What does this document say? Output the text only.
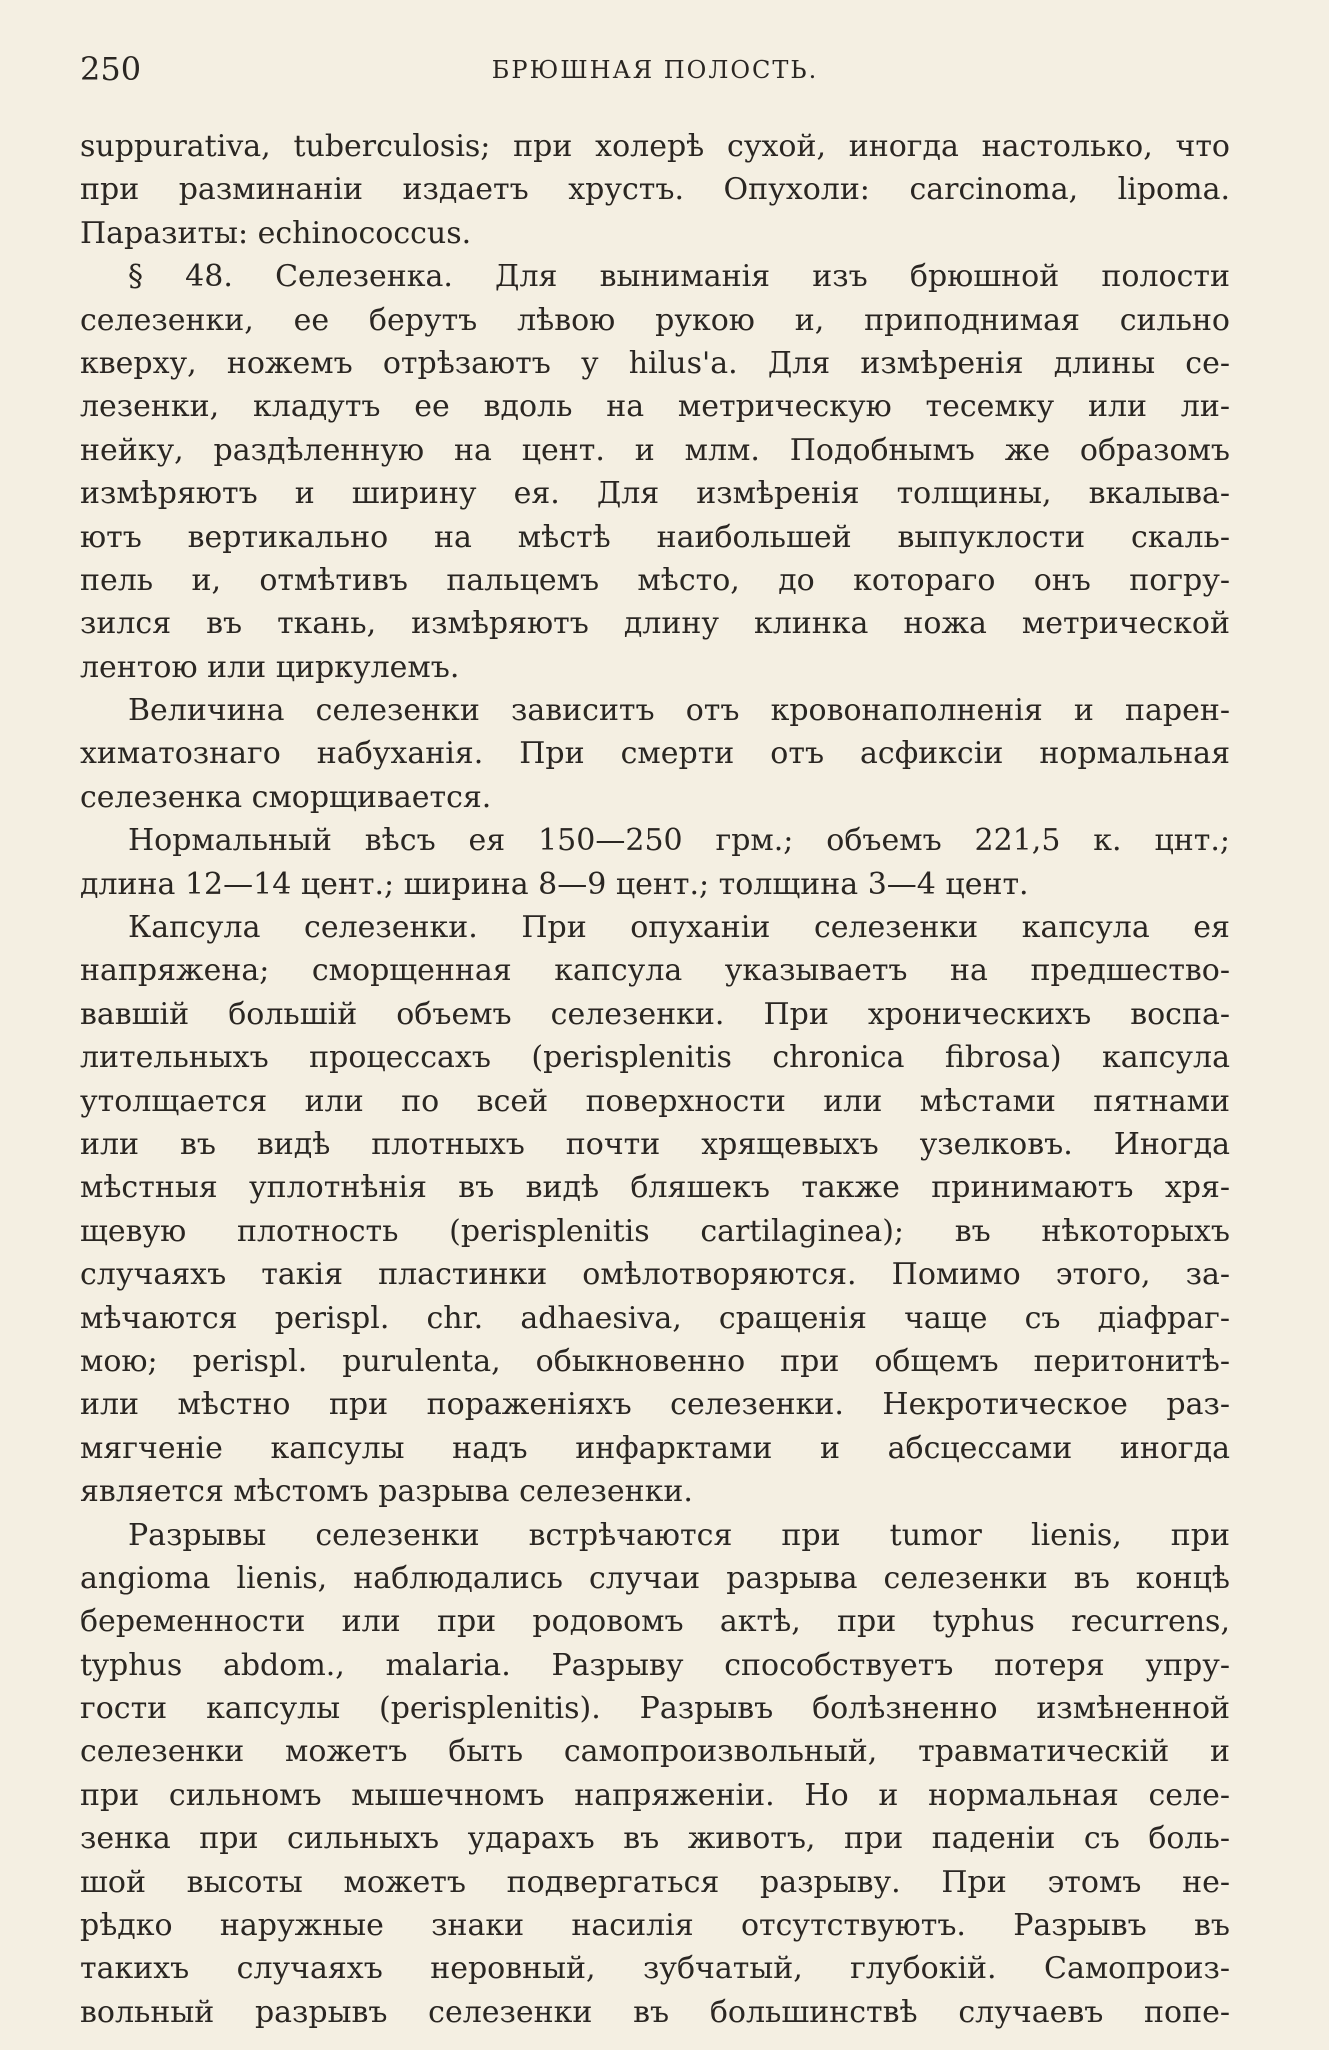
250	БРЮШНАЯ ПОЛОСТЬ.
suppurativa, tuberculosis; при холерѣ сухой, иногда настолько, что
при разминанiи издаетъ хрустъ. Опухоли: carcinoma, lipoma.
Паразиты: echinococcus.
§ 48. Селезенка. Для выниманiя изъ брюшной полости
селезенки, ее берутъ лѣвою рукою и, приподнимая сильно
кверху, ножемъ отрѣзаютъ у hilus'a. Для измѣренiя длины се-
лезенки, кладутъ ее вдоль на метрическую тесемку или ли-
нейку, раздѣленную на цент. и млм. Подобнымъ же образомъ
измѣряютъ и ширину ея. Для измѣренiя толщины, вкалыва-
ютъ вертикально на мѣстѣ наибольшей выпуклости скаль-
пель и, отмѣтивъ пальцемъ мѣсто, до котораго онъ погру-
зился въ ткань, измѣряютъ длину клинка ножа метрической
лентою или циркулемъ.
Величина селезенки зависитъ отъ кровонаполненiя и парен-
химатознаго набуханiя. При смерти отъ асфиксiи нормальная
селезенка сморщивается.
Нормальный вѣсъ ея 150—250 грм.; объемъ 221,5 к. цнт.;
длина 12—14 цент.; ширина 8—9 цент.; толщина 3—4 цент.
Капсула селезенки. При опуханiи селезенки капсула ея
напряжена; сморщенная капсула указываетъ на предшество-
вавшiй большiй объемъ селезенки. При хроническихъ воспа-
лительныхъ процессахъ (perisplenitis chronica fibrosa) капсула
утолщается или по всей поверхности или мѣстами пятнами
или въ видѣ плотныхъ почти хрящевыхъ узелковъ. Иногда
мѣстныя уплотнѣнiя въ видѣ бляшекъ также принимаютъ хря-
щевую плотность (perisplenitis cartilaginea); въ нѣкоторыхъ
случаяхъ такiя пластинки омѣлотворяются. Помимо этого, за-
мѣчаются perispl. chr. adhaesiva, сращенiя чаще съ дiафраг-
мою; perispl. purulenta, обыкновенно при общемъ перитонитѣ-
или мѣстно при пораженiяхъ селезенки. Некротическое раз-
мягченiе капсулы надъ инфарктами и абсцессами иногда
является мѣстомъ разрыва селезенки.
Разрывы селезенки встрѣчаются при tumor lienis, при
angioma lienis, наблюдались случаи разрыва селезенки въ концѣ
беременности или при родовомъ актѣ, при typhus recurrens,
typhus abdom., malaria. Разрыву способствуетъ потеря упру-
гости капсулы (perisplenitis). Разрывъ болѣзненно измѣненной
селезенки можетъ быть самопроизвольный, травматическiй и
при сильномъ мышечномъ напряженiи. Но и нормальная селе-
зенка при сильныхъ ударахъ въ животъ, при паденiи съ боль-
шой высоты можетъ подвергаться разрыву. При этомъ не-
рѣдко наружные знаки насилiя отсутствуютъ. Разрывъ въ
такихъ случаяхъ неровный, зубчатый, глубокiй. Самопроиз-
вольный разрывъ селезенки въ большинствѣ случаевъ попе-
